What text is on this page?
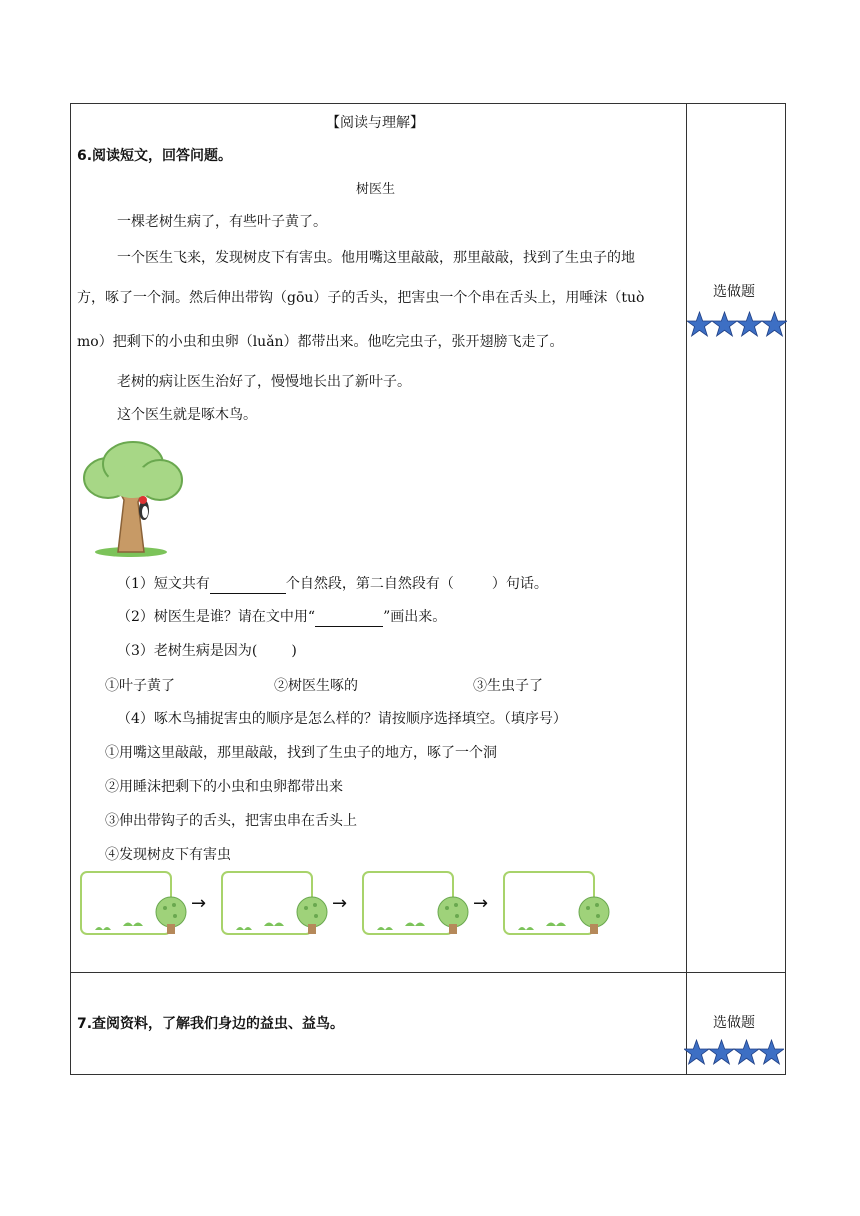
【阅读与理解】
6.阅读短文，回答问题。
树医生
一棵老树生病了，有些叶子黄了。
一个医生飞来，发现树皮下有害虫。他用嘴这里敲敲，那里敲敲，找到了生虫子的地
方，啄了一个洞。然后伸出带钩（gōu）子的舌头，把害虫一个个串在舌头上，用唾沫（tuò
mo）把剩下的小虫和虫卵（luǎn）都带出来。他吃完虫子，张开翅膀飞走了。
老树的病让医生治好了，慢慢地长出了新叶子。
这个医生就是啄木鸟。
（1）短文共有	个自然段，第二自然段有（	）句话。
（2）树医生是谁？请在文中用“	”画出来。
（3）老树生病是因为( )
①叶子黄了	②树医生啄的	③生虫子了
（4）啄木鸟捕捉害虫的顺序是怎么样的？请按顺序选择填空。（填序号）
①用嘴这里敲敲，那里敲敲，找到了生虫子的地方，啄了一个洞
②用睡沫把剩下的小虫和虫卵都带出来
③伸出带钩子的舌头，把害虫串在舌头上
④发现树皮下有害虫
→	→	→
选做题
7.查阅资料，了解我们身边的益虫、益鸟。	选做题
